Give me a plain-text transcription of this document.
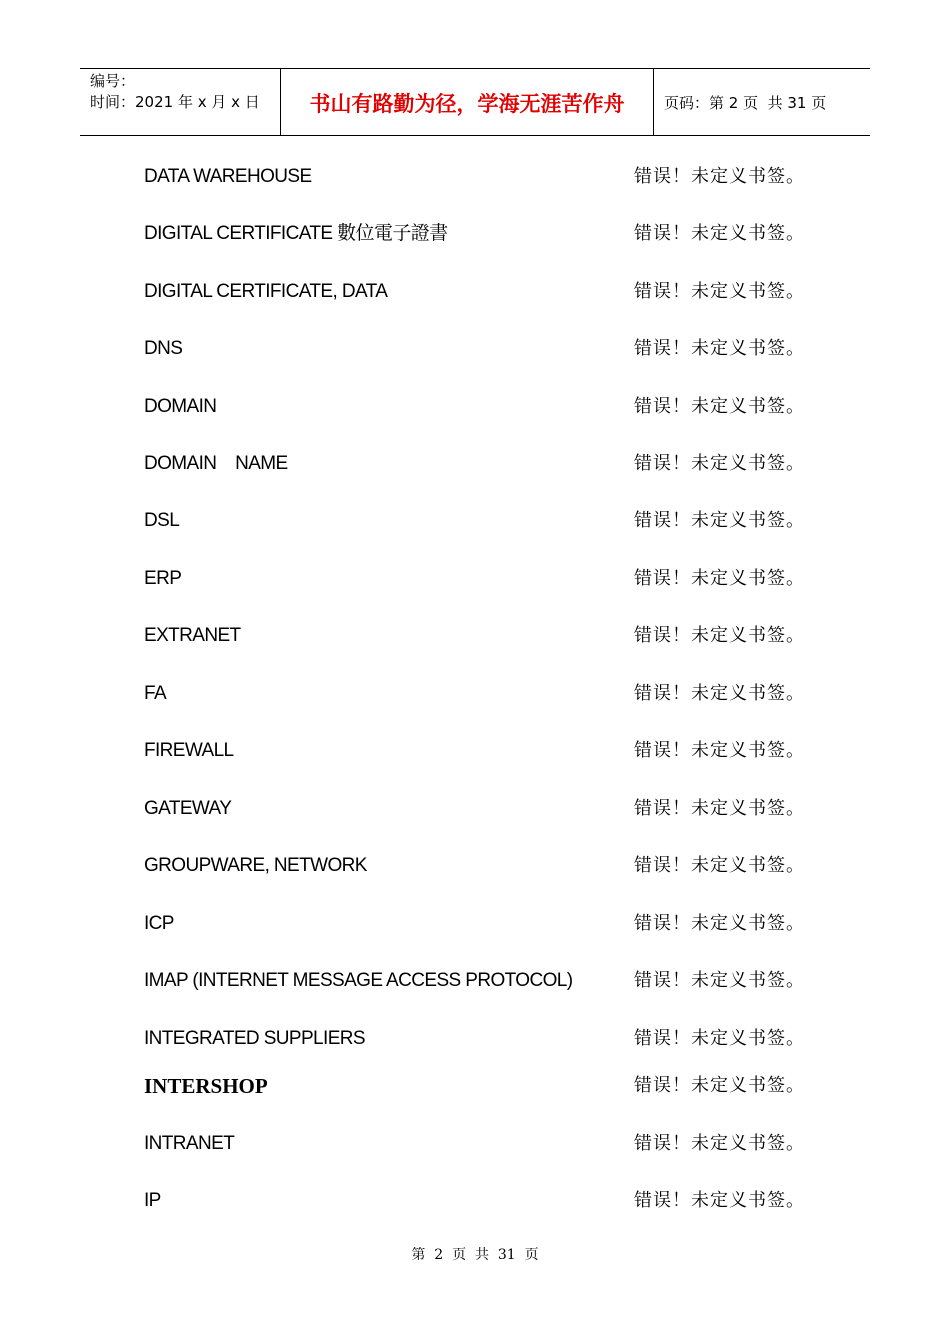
编号：
时间：2021 年 x 月 x 日	书山有路勤为径，学海无涯苦作舟	页码：第 2 页  共 31 页
DATA WAREHOUSE	错误！未定义书签。
DIGITAL CERTIFICATE 數位電子證書	错误！未定义书签。
DIGITAL CERTIFICATE, DATA	错误！未定义书签。
DNS	错误！未定义书签。
DOMAIN	错误！未定义书签。
DOMAIN    NAME	错误！未定义书签。
DSL	错误！未定义书签。
ERP	错误！未定义书签。
EXTRANET	错误！未定义书签。
FA	错误！未定义书签。
FIREWALL	错误！未定义书签。
GATEWAY	错误！未定义书签。
GROUPWARE, NETWORK	错误！未定义书签。
ICP	错误！未定义书签。
IMAP (INTERNET MESSAGE ACCESS PROTOCOL)	错误！未定义书签。
INTEGRATED SUPPLIERS	错误！未定义书签。
INTERSHOP	错误！未定义书签。
INTRANET	错误！未定义书签。
IP	错误！未定义书签。
第  2  页  共  31  页
